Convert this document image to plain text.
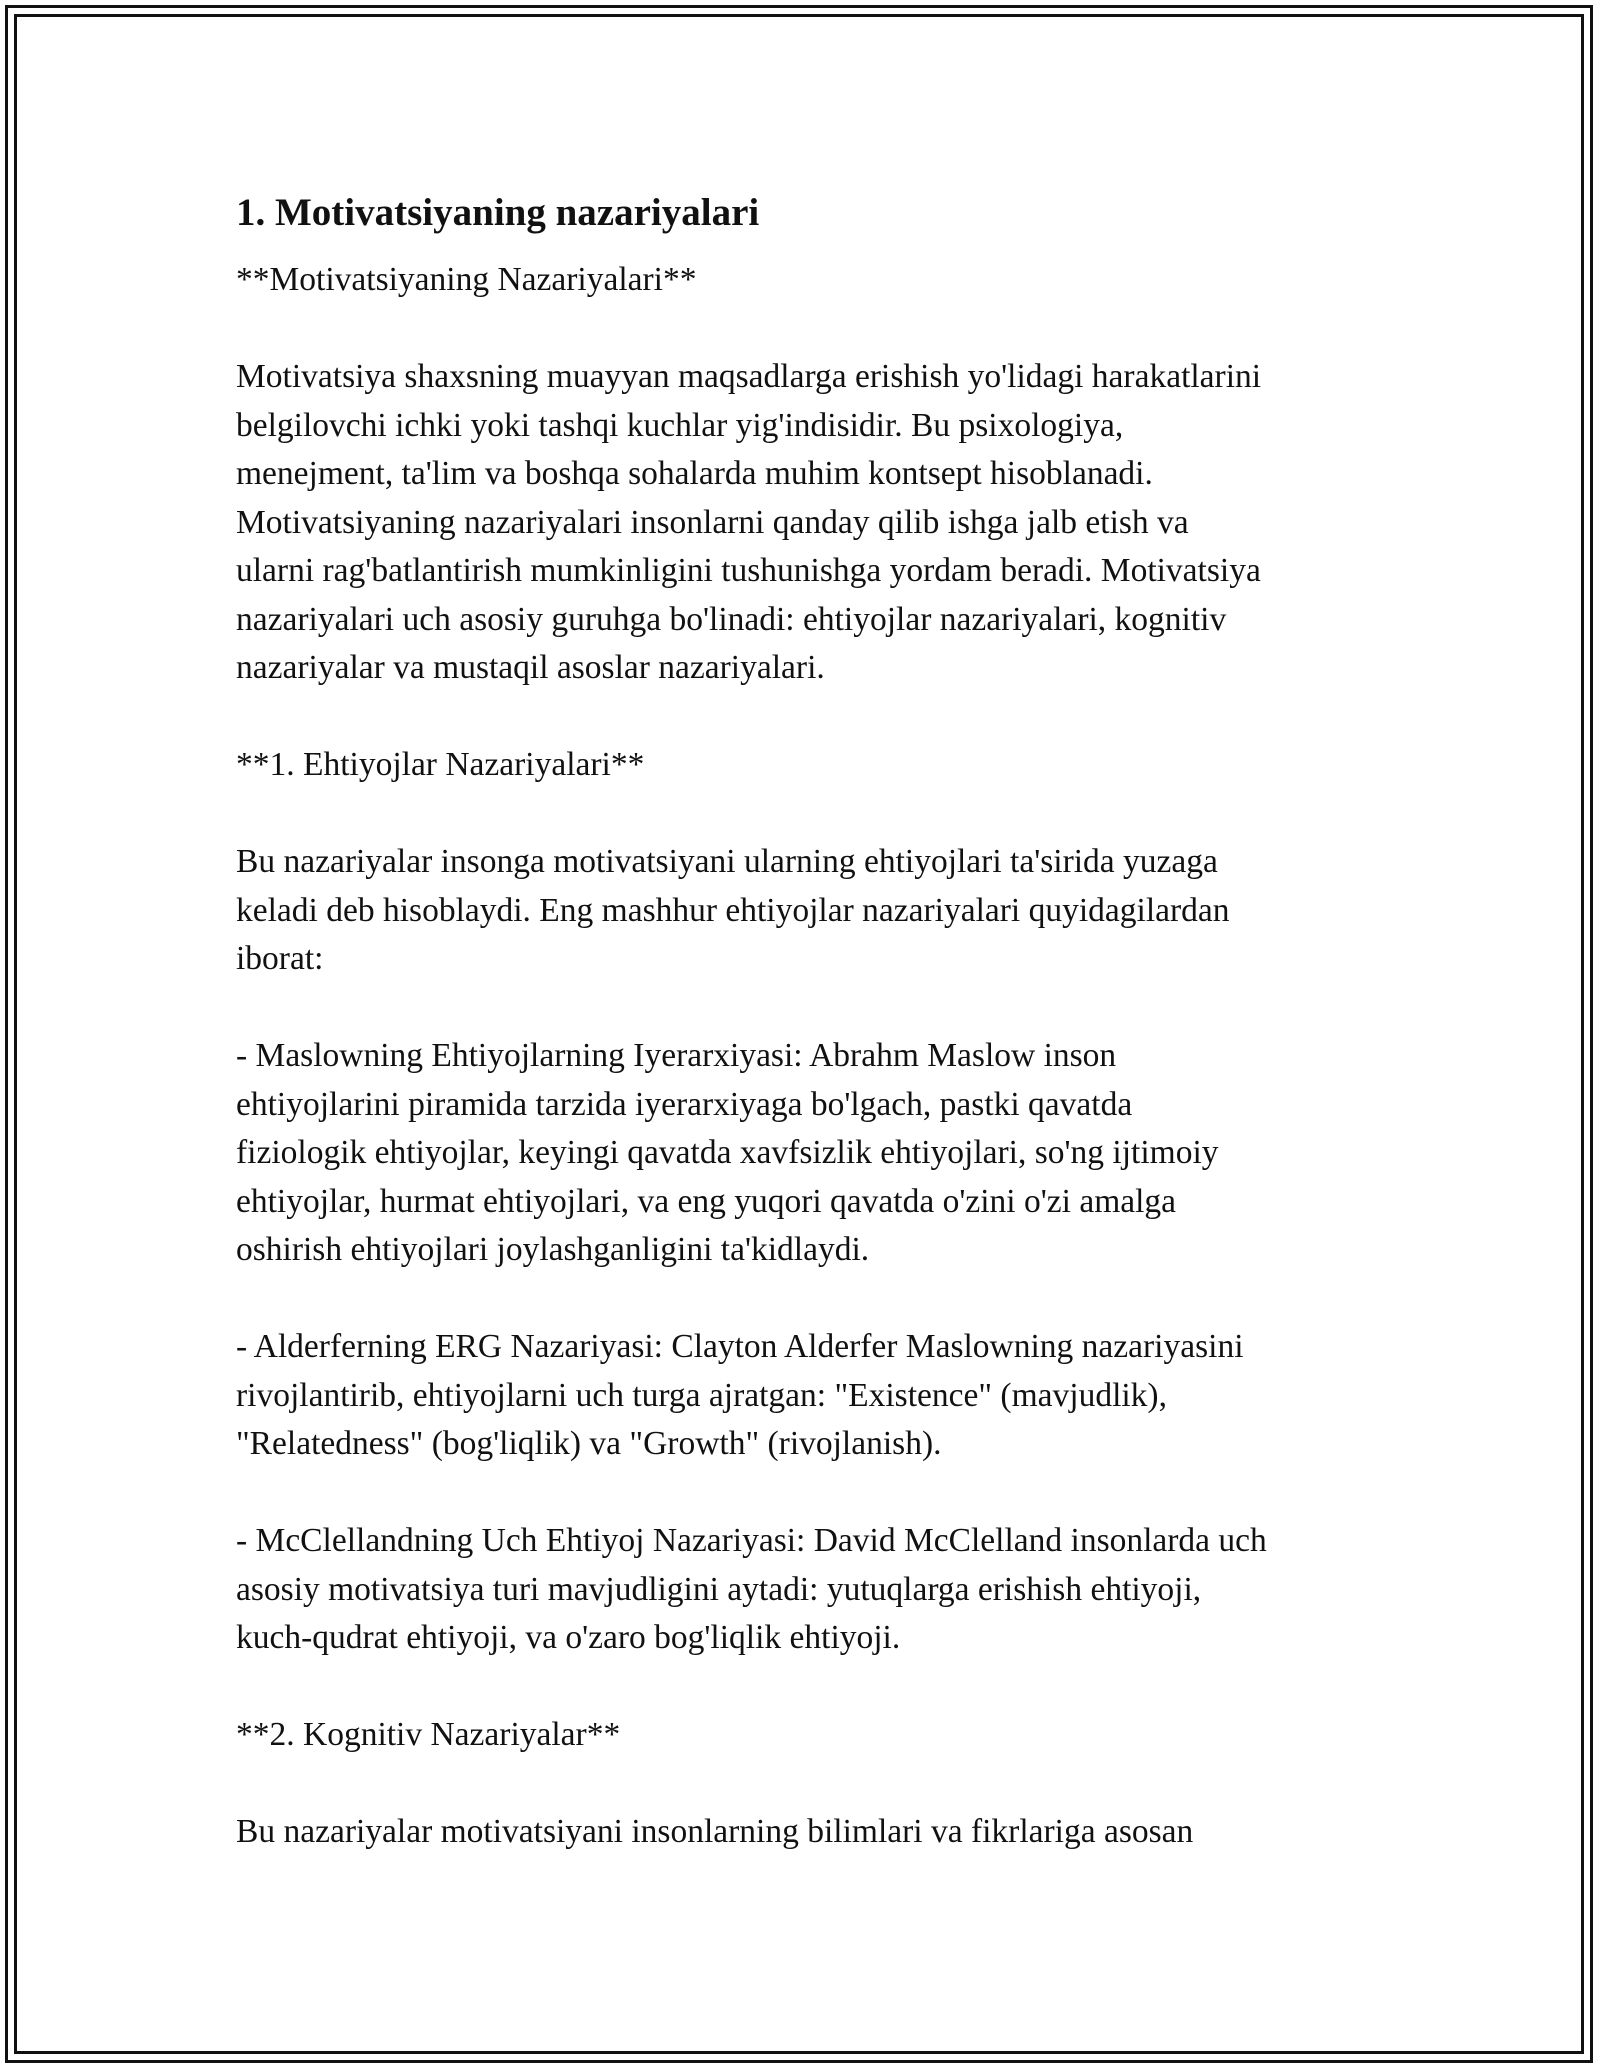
1. Motivatsiyaning nazariyalari

**Motivatsiyaning Nazariyalari**

Motivatsiya shaxsning muayyan maqsadlarga erishish yo'lidagi harakatlarini
belgilovchi ichki yoki tashqi kuchlar yig'indisidir. Bu psixologiya,
menejment, ta'lim va boshqa sohalarda muhim kontsept hisoblanadi.
Motivatsiyaning nazariyalari insonlarni qanday qilib ishga jalb etish va
ularni rag'batlantirish mumkinligini tushunishga yordam beradi. Motivatsiya
nazariyalari uch asosiy guruhga bo'linadi: ehtiyojlar nazariyalari, kognitiv
nazariyalar va mustaqil asoslar nazariyalari.

**1. Ehtiyojlar Nazariyalari**

Bu nazariyalar insonga motivatsiyani ularning ehtiyojlari ta'sirida yuzaga
keladi deb hisoblaydi. Eng mashhur ehtiyojlar nazariyalari quyidagilardan
iborat:

- Maslowning Ehtiyojlarning Iyerarxiyasi: Abrahm Maslow inson
ehtiyojlarini piramida tarzida iyerarxiyaga bo'lgach, pastki qavatda
fiziologik ehtiyojlar, keyingi qavatda xavfsizlik ehtiyojlari, so'ng ijtimoiy
ehtiyojlar, hurmat ehtiyojlari, va eng yuqori qavatda o'zini o'zi amalga
oshirish ehtiyojlari joylashganligini ta'kidlaydi.

- Alderferning ERG Nazariyasi: Clayton Alderfer Maslowning nazariyasini
rivojlantirib, ehtiyojlarni uch turga ajratgan: "Existence" (mavjudlik),
"Relatedness" (bog'liqlik) va "Growth" (rivojlanish).

- McClellandning Uch Ehtiyoj Nazariyasi: David McClelland insonlarda uch
asosiy motivatsiya turi mavjudligini aytadi: yutuqlarga erishish ehtiyoji,
kuch-qudrat ehtiyoji, va o'zaro bog'liqlik ehtiyoji.

**2. Kognitiv Nazariyalar**

Bu nazariyalar motivatsiyani insonlarning bilimlari va fikrlariga asosan
